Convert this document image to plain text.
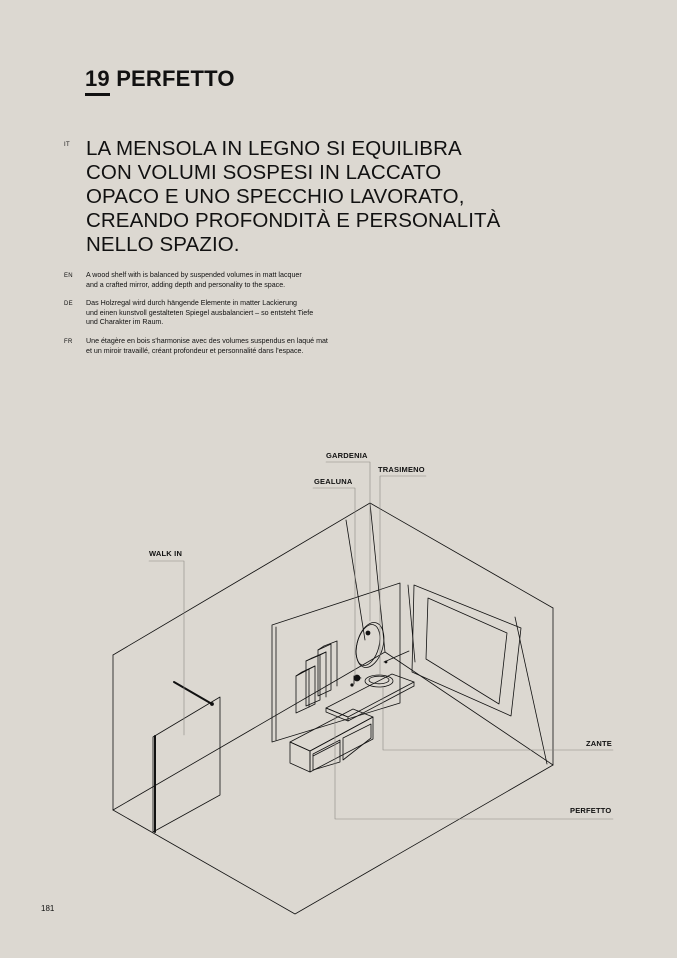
19 PERFETTO
IT LA MENSOLA IN LEGNO SI EQUILIBRA
CON VOLUMI SOSPESI IN LACCATO
OPACO E UNO SPECCHIO LAVORATO,
CREANDO PROFONDITÀ E PERSONALITÀ
NELLO SPAZIO.
EN A wood shelf with is balanced by suspended volumes in matt lacquer
and a crafted mirror, adding depth and personality to the space.
DE Das Holzregal wird durch hängende Elemente in matter Lackierung
und einen kunstvoll gestalteten Spiegel ausbalanciert – so entsteht Tiefe
und Charakter im Raum.
FR Une étagère en bois s'harmonise avec des volumes suspendus en laqué mat
et un miroir travaillé, créant profondeur et personnalité dans l'espace.
GARDENIA
TRASIMENO
GEALUNA
WALK IN
ZANTE
PERFETTO
181
